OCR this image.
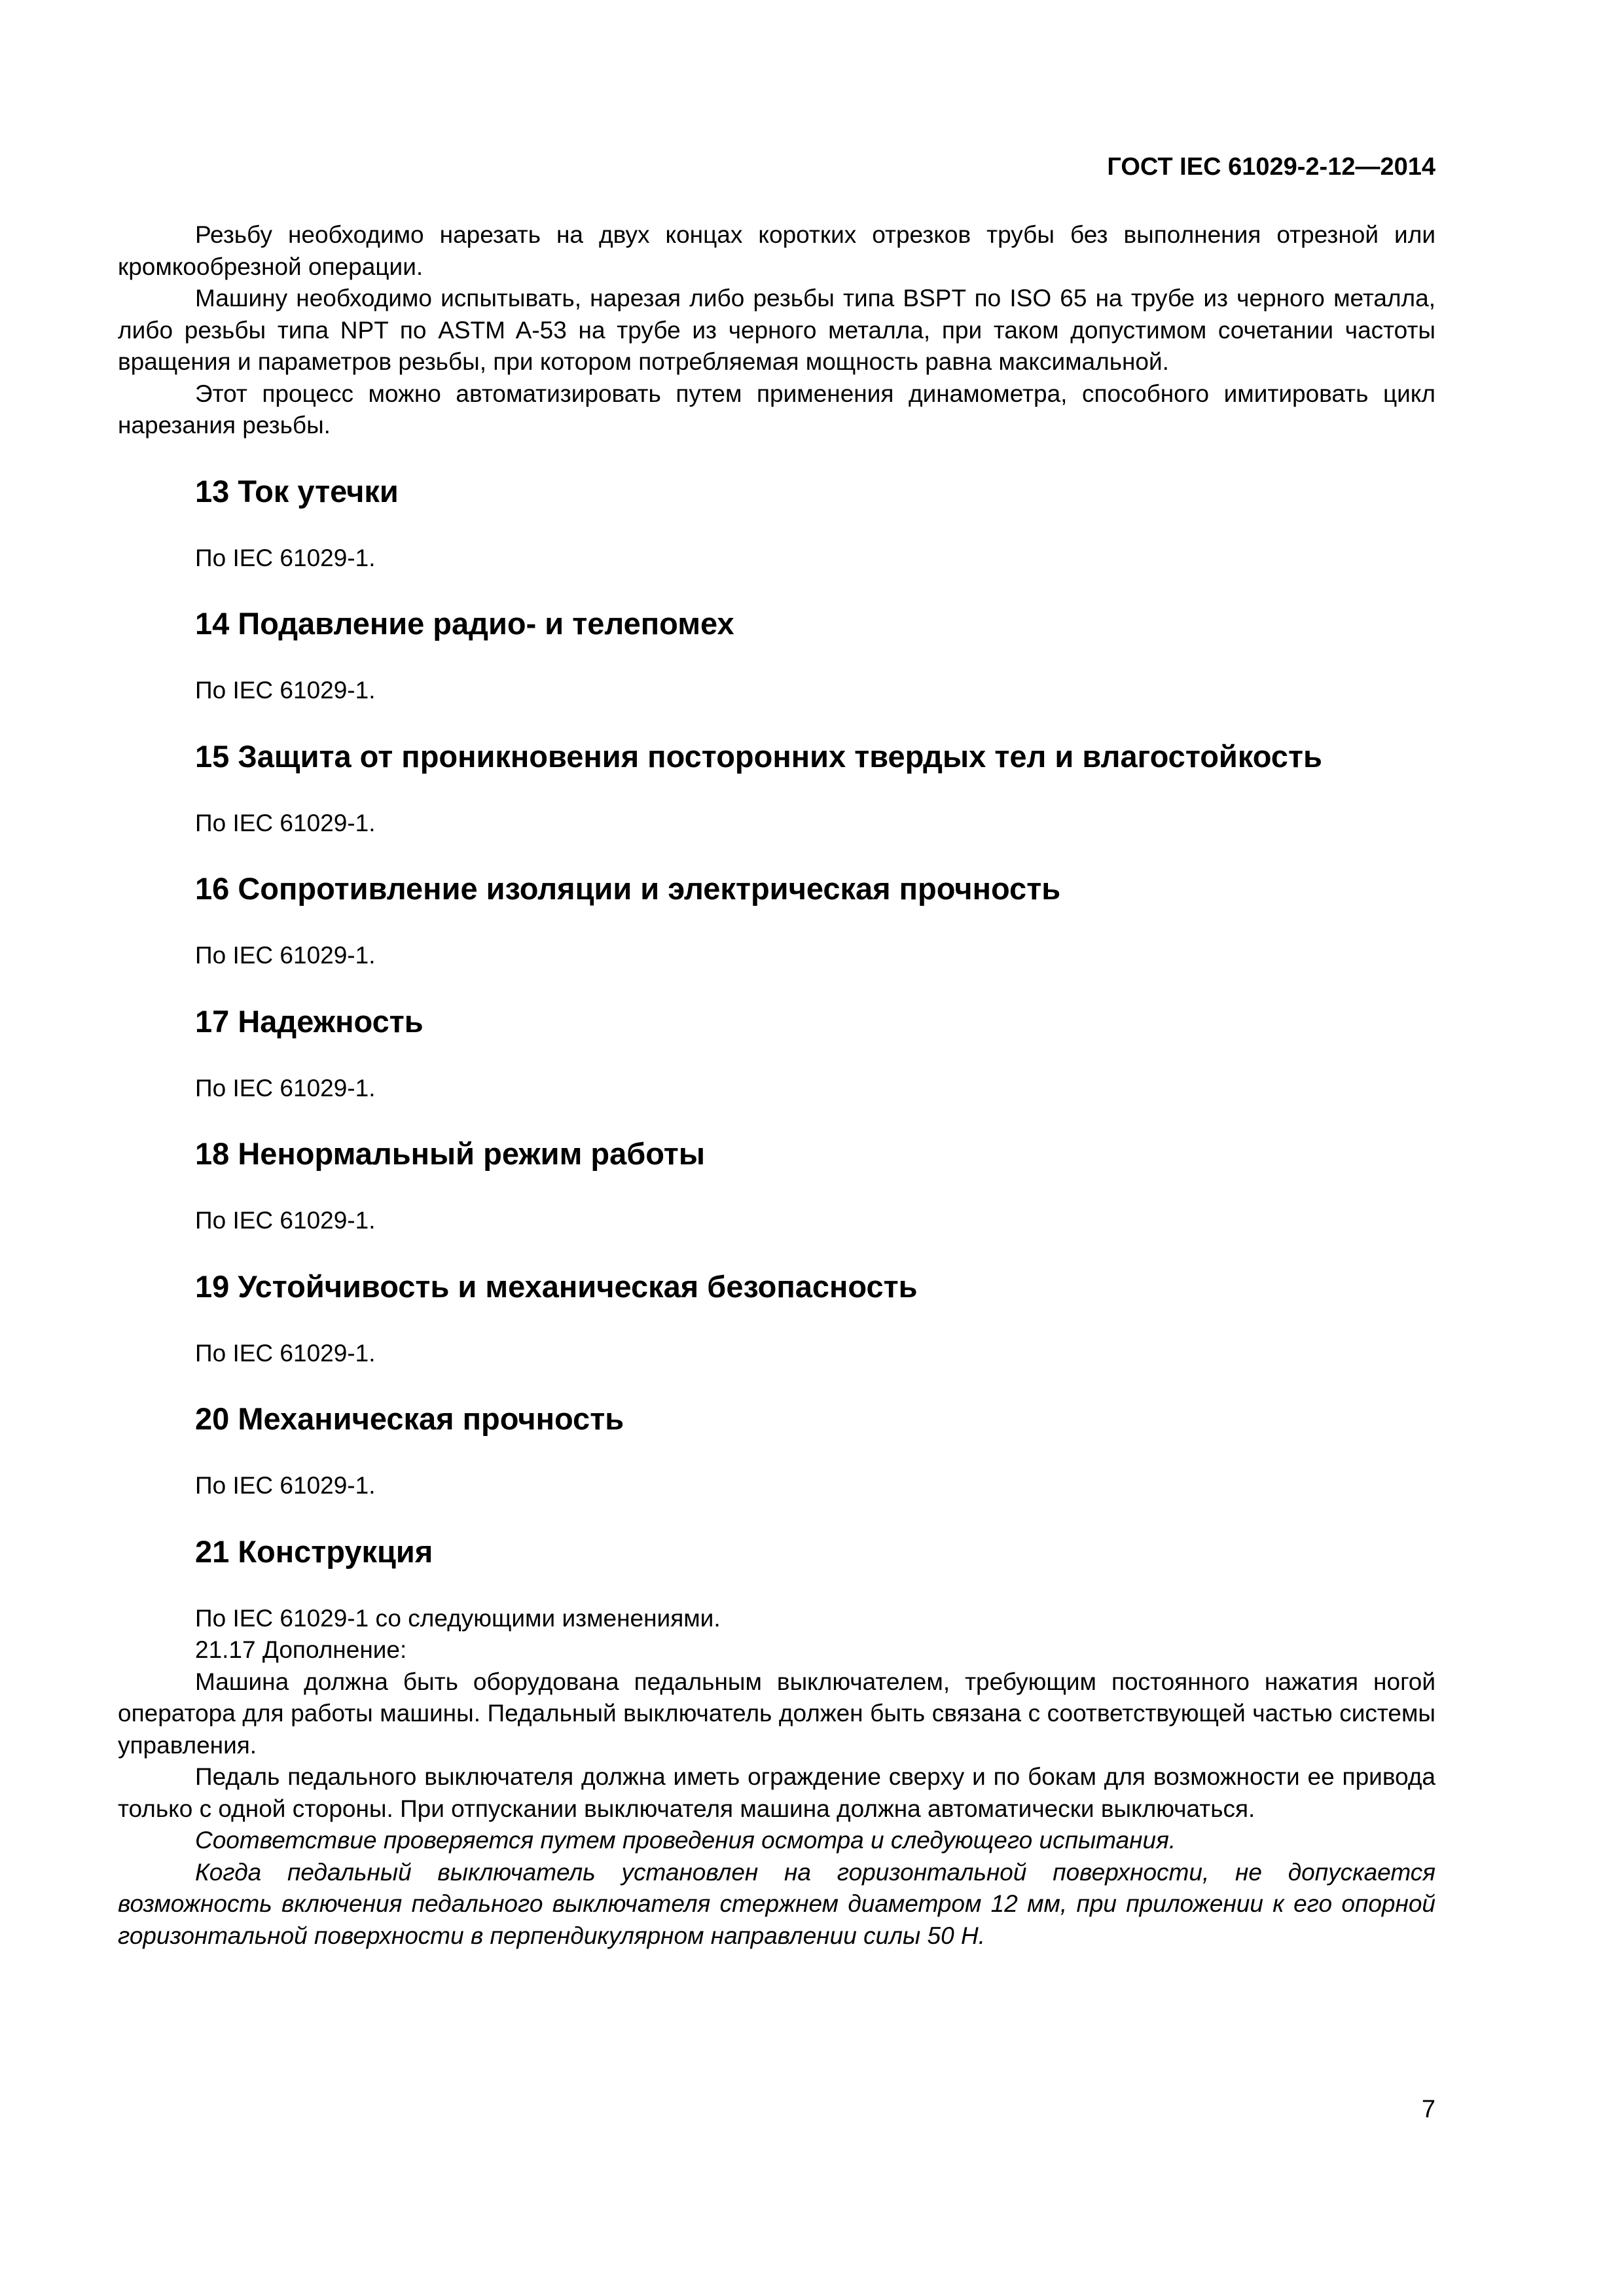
ГОСТ IEC 61029-2-12—2014

Резьбу необходимо нарезать на двух концах коротких отрезков трубы без выполнения отрезной или кромкообрезной операции.

Машину необходимо испытывать, нарезая либо резьбы типа BSPT по ISO 65 на трубе из черного металла, либо резьбы типа NPT по ASTM A-53 на трубе из черного металла, при таком допустимом сочетании частоты вращения и параметров резьбы, при котором потребляемая мощность равна максимальной.

Этот процесс можно автоматизировать путем применения динамометра, способного имитировать цикл нарезания резьбы.

13 Ток утечки

По IEC 61029-1.

14 Подавление радио- и телепомех

По IEC 61029-1.

15 Защита от проникновения посторонних твердых тел и влагостойкость

По IEC 61029-1.

16 Сопротивление изоляции и электрическая прочность

По IEC 61029-1.

17 Надежность

По IEC 61029-1.

18 Ненормальный режим работы

По IEC 61029-1.

19 Устойчивость и механическая безопасность

По IEC 61029-1.

20 Механическая прочность

По IEC 61029-1.

21 Конструкция

По IEC 61029-1 со следующими изменениями.

21.17 Дополнение:

Машина должна быть оборудована педальным выключателем, требующим постоянного нажатия ногой оператора для работы машины. Педальный выключатель должен быть связана с соответствующей частью системы управления.

Педаль педального выключателя должна иметь ограждение сверху и по бокам для возможности ее привода только с одной стороны. При отпускании выключателя машина должна автоматически выключаться.

Соответствие проверяется путем проведения осмотра и следующего испытания.

Когда педальный выключатель установлен на горизонтальной поверхности, не допускается возможность включения педального выключателя стержнем диаметром 12 мм, при приложении к его опорной горизонтальной поверхности в перпендикулярном направлении силы 50 Н.

7
